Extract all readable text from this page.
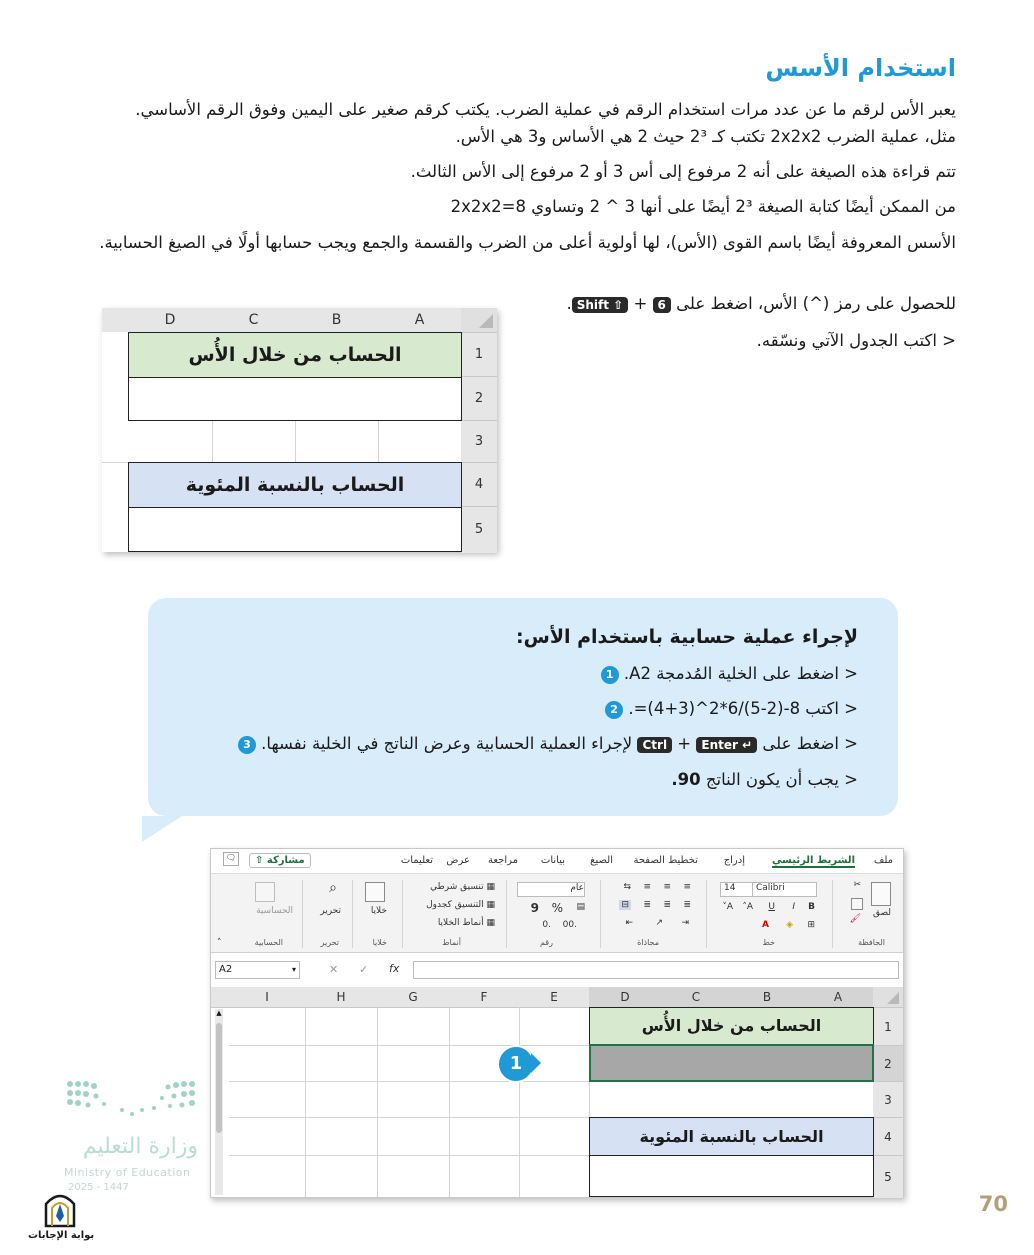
استخدام الأسس
يعبر الأس لرقم ما عن عدد مرات استخدام الرقم في عملية الضرب. يكتب كرقم صغير على اليمين وفوق الرقم الأساسي.
مثل، عملية الضرب 2x2x2 تكتب كـ 2³ حيث 2 هي الأساس و3 هي الأس.
تتم قراءة هذه الصيغة على أنه 2 مرفوع إلى أس 3 أو 2 مرفوع إلى الأس الثالث.
من الممكن أيضًا كتابة الصيغة 2³ أيضًا على أنها 3 ^ 2 وتساوي 8=2x2x2
الأسس المعروفة أيضًا باسم القوى (الأس)، لها أولوية أعلى من الضرب والقسمة والجمع ويجب حسابها أولًا في الصيغ الحسابية.
للحصول على رمز (^) الأس، اضغط على 6 + Shift ⇧.
< اكتب الجدول الآتي ونسّقه.
D	C	B	A
1
2
3
4
5
الحساب من خلال الأُس
الحساب بالنسبة المئوية
لإجراء عملية حسابية باستخدام الأس:
< اضغط على الخلية المُدمجة A2. 1
< اكتب 8-(2-5)/6*2^(3+4)=. 2
< اضغط على Enter ↵ + Ctrl لإجراء العملية الحسابية وعرض الناتج في الخلية نفسها. 3
< يجب أن يكون الناتج 90.
ملف
الشريط الرئيسي
إدراج
تخطيط الصفحة
الصيغ
بيانات
مراجعة
عرض
تعليمات
مشاركة ⇧
🗨
لصق
✂
🖌
الحافظة
Calibri
14
B
I
U
A˄
A˅
⊞
◈
A
خط
≡
≡
≡
⇆
≣
≣
≣
⊟
⇥
↗
⇤
محاذاة
عام
▤
%
9
.00
.0
رقم
▦ تنسيق شرطي
▦ التنسيق كجدول
▦ أنماط الخلايا
أنماط
خلايا
خلايا
⌕
تحرير
تحرير
الحساسية
الحسابية
˄
A2	▾	✕ ✓ fx
▲
I	H	G	F	E	D	C	B	A
1
2
3
4
5
الحساب من خلال الأُس
الحساب بالنسبة المئوية
1
وزارة التعليم
Ministry of Education
2025 - 1447
بوابة الإجابات
70
